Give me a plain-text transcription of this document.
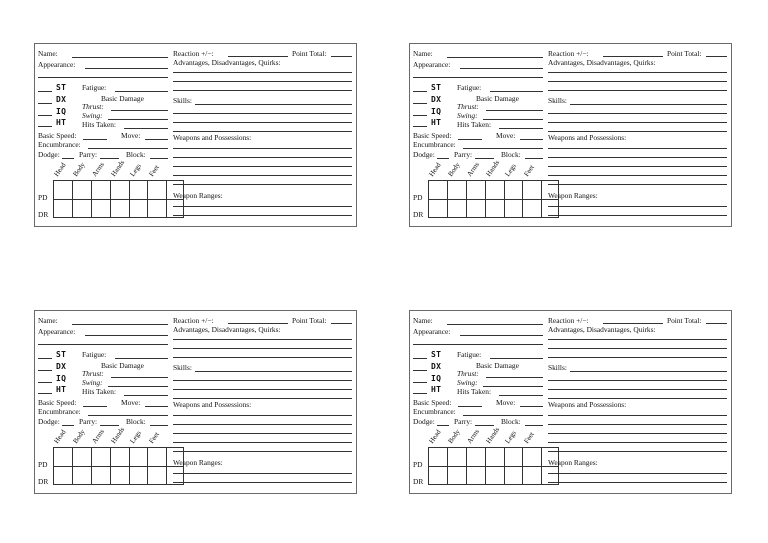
Name:
Appearance:
ST
DX
IQ
HT
Fatigue:
Basic Damage
Thrust:
Swing:
Hits Taken:
Basic Speed:	Move:
Encumbrance:
Dodge:	Parry:	Block:
Head Body Arms Hands Legs Feet
PD
DR
Reaction +/−:	Point Total:
Advantages, Disadvantages, Quirks:
Skills:
Weapons and Possessions:
Weapon Ranges:
Name:
Appearance:
ST
DX
IQ
HT
Fatigue:
Basic Damage
Thrust:
Swing:
Hits Taken:
Basic Speed:	Move:
Encumbrance:
Dodge:	Parry:	Block:
Head Body Arms Hands Legs Feet
PD
DR
Reaction +/−:	Point Total:
Advantages, Disadvantages, Quirks:
Skills:
Weapons and Possessions:
Weapon Ranges:
Name:
Appearance:
ST
DX
IQ
HT
Fatigue:
Basic Damage
Thrust:
Swing:
Hits Taken:
Basic Speed:	Move:
Encumbrance:
Dodge:	Parry:	Block:
Head Body Arms Hands Legs Feet
PD
DR
Reaction +/−:	Point Total:
Advantages, Disadvantages, Quirks:
Skills:
Weapons and Possessions:
Weapon Ranges:
Name:
Appearance:
ST
DX
IQ
HT
Fatigue:
Basic Damage
Thrust:
Swing:
Hits Taken:
Basic Speed:	Move:
Encumbrance:
Dodge:	Parry:	Block:
Head Body Arms Hands Legs Feet
PD
DR
Reaction +/−:	Point Total:
Advantages, Disadvantages, Quirks:
Skills:
Weapons and Possessions:
Weapon Ranges:
